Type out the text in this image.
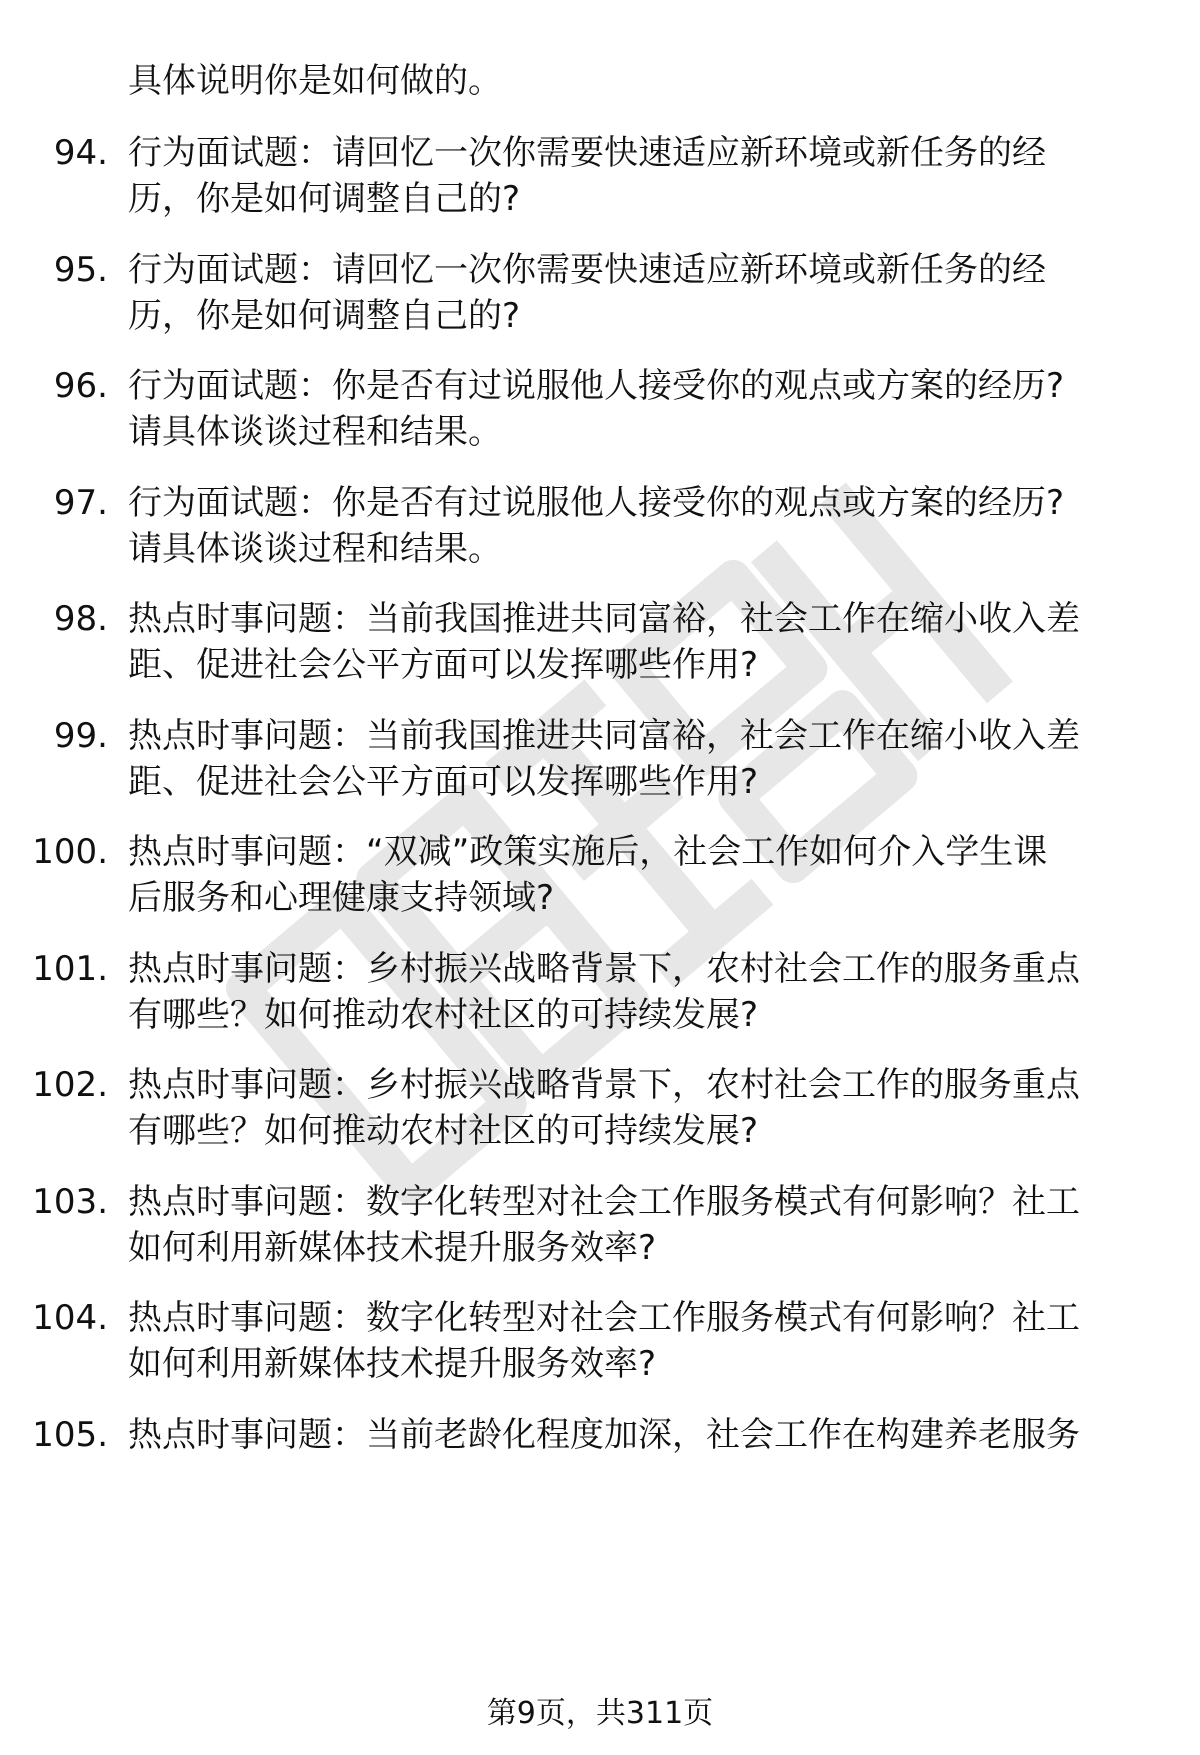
具体说明你是如何做的。
94. 行为面试题：请回忆一次你需要快速适应新环境或新任务的经
历，你是如何调整自己的?
95. 行为面试题：请回忆一次你需要快速适应新环境或新任务的经
历，你是如何调整自己的?
96. 行为面试题：你是否有过说服他人接受你的观点或方案的经历?
请具体谈谈过程和结果。
97. 行为面试题：你是否有过说服他人接受你的观点或方案的经历?
请具体谈谈过程和结果。
98. 热点时事问题：当前我国推进共同富裕，社会工作在缩小收入差
距、促进社会公平方面可以发挥哪些作用?
99. 热点时事问题：当前我国推进共同富裕，社会工作在缩小收入差
距、促进社会公平方面可以发挥哪些作用?
100. 热点时事问题：“双减”政策实施后，社会工作如何介入学生课
后服务和心理健康支持领域?
101. 热点时事问题：乡村振兴战略背景下，农村社会工作的服务重点
有哪些？如何推动农村社区的可持续发展?
102. 热点时事问题：乡村振兴战略背景下，农村社会工作的服务重点
有哪些？如何推动农村社区的可持续发展?
103. 热点时事问题：数字化转型对社会工作服务模式有何影响？社工
如何利用新媒体技术提升服务效率?
104. 热点时事问题：数字化转型对社会工作服务模式有何影响？社工
如何利用新媒体技术提升服务效率?
105. 热点时事问题：当前老龄化程度加深，社会工作在构建养老服务
第9页，共311页
